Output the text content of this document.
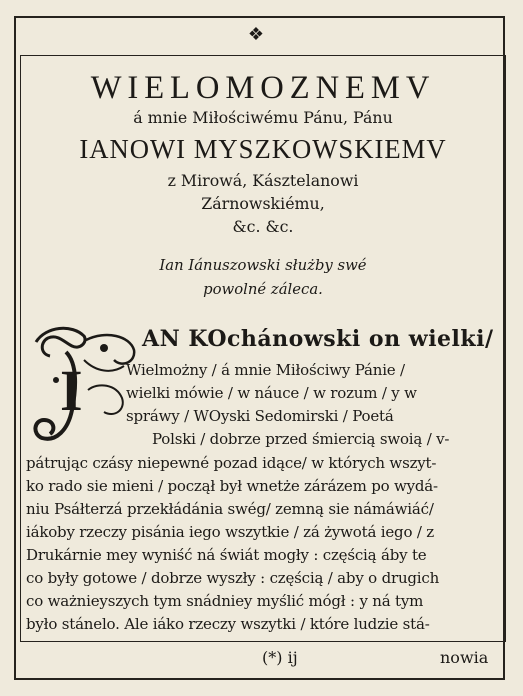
❖
WIELOMOZNEMV
á mnie Miłościwému Pánu, Pánu
IANOWI MYSZKOWSKIEMV
z Mirowá, Kásztelanowi
Zárnowskiému,
&c. &c.
Ian Iánuszowski służby swé
powolné záleca.
I
AN KOchánowski on wielki/
Wielmożny / á mnie Miłościwy Pánie /
wielki mówie / w náuce / w rozum / y w
spráwy / WOyski Sedomirski / Poetá
Polski / dobrze przed śmiercią swoią / v-
pátrując czásy niepewné pozad idące/ w których wszyt-
ko rado sie mieni / począł był wnetże zárázem po wydá-
niu Psáłterzá przekłádánia swég/ zemną sie námáwiáć/
iákoby rzeczy pisánia iego wszytkie / zá żywotá iego / z
Drukárnie mey wyniść ná świát mogły : częścią áby te
co były gotowe / dobrze wyszły : częścią / aby o drugich
co ważnieyszych tym snádniey myślić mógł : y ná tym
było stánelo. Ale iáko rzeczy wszytki / które ludzie stá-
(*) ij	nowia
